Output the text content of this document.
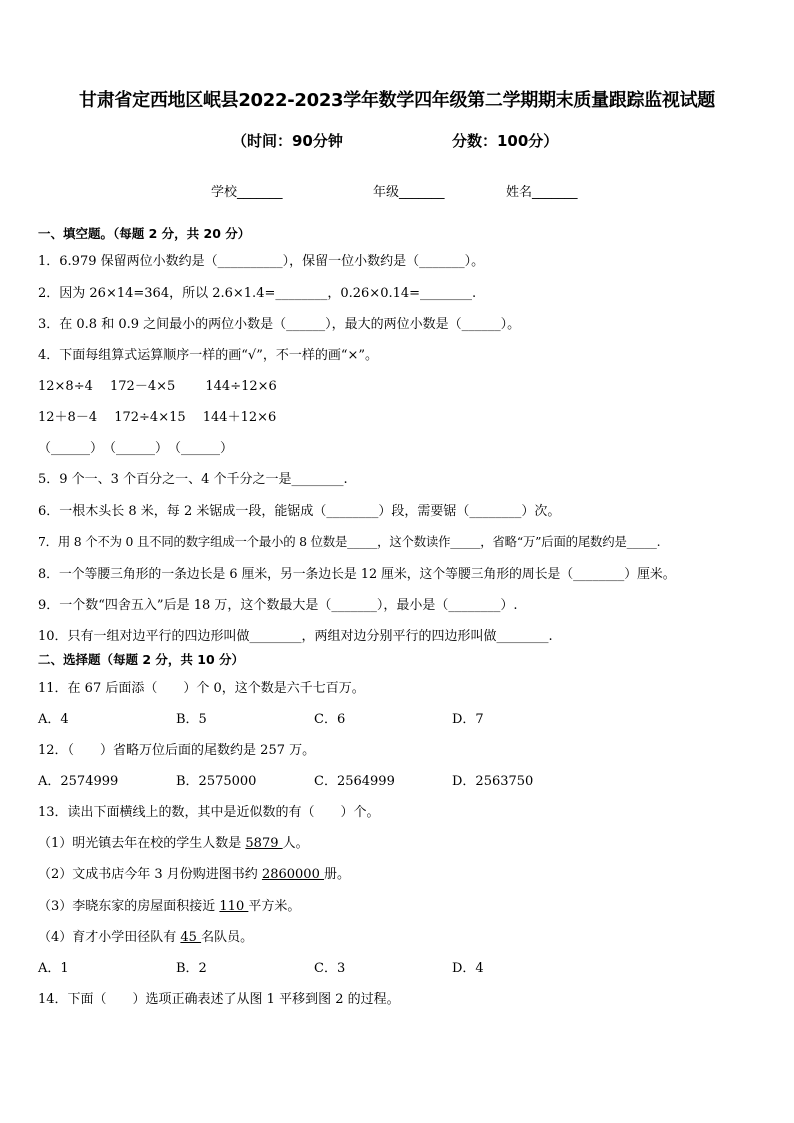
甘肃省定西地区岷县2022-2023学年数学四年级第二学期期末质量跟踪监视试题
（时间：90分钟	分数：100分）
学校_______	年级_______	姓名_______
一、填空题。（每题 2 分，共 20 分）
1．6.979 保留两位小数约是（__________），保留一位小数约是（_______）。
2．因为 26×14=364，所以 2.6×1.4=________，0.26×0.14=________.
3．在 0.8 和 0.9 之间最小的两位小数是（______），最大的两位小数是（______）。
4．下面每组算式运算顺序一样的画“√”，不一样的画“×”。
12×8÷4　 172－4×5　　 144÷12×6
12＋8－4　 172÷4×15　 144＋12×6
（______）　（______）　（______）
5．9 个一、3 个百分之一、4 个千分之一是________.
6．一根木头长 8 米，每 2 米锯成一段，能锯成（________）段，需要锯（________）次。
7．用 8 个不为 0 且不同的数字组成一个最小的 8 位数是_____，这个数读作_____，省略“万”后面的尾数约是_____.
8．一个等腰三角形的一条边长是 6 厘米，另一条边长是 12 厘米，这个等腰三角形的周长是（________）厘米。
9．一个数“四舍五入”后是 18 万，这个数最大是（_______），最小是（________）.
10．只有一组对边平行的四边形叫做________，两组对边分别平行的四边形叫做________.
二、选择题（每题 2 分，共 10 分）
11．在 67 后面添（　　）个 0，这个数是六千七百万。
A．4	B．5	C．6	D．7
12．（　　）省略万位后面的尾数约是 257 万。
A．2574999	B．2575000	C．2564999	D．2563750
13．读出下面横线上的数，其中是近似数的有（　　）个。
（1）明光镇去年在校的学生人数是 5879 人。
（2）文成书店今年 3 月份购进图书约 2860000 册。
（3）李晓东家的房屋面积接近 110 平方米。
（4）育才小学田径队有 45 名队员。
A．1	B．2	C．3	D．4
14．下面（　　）选项正确表述了从图 1 平移到图 2 的过程。
